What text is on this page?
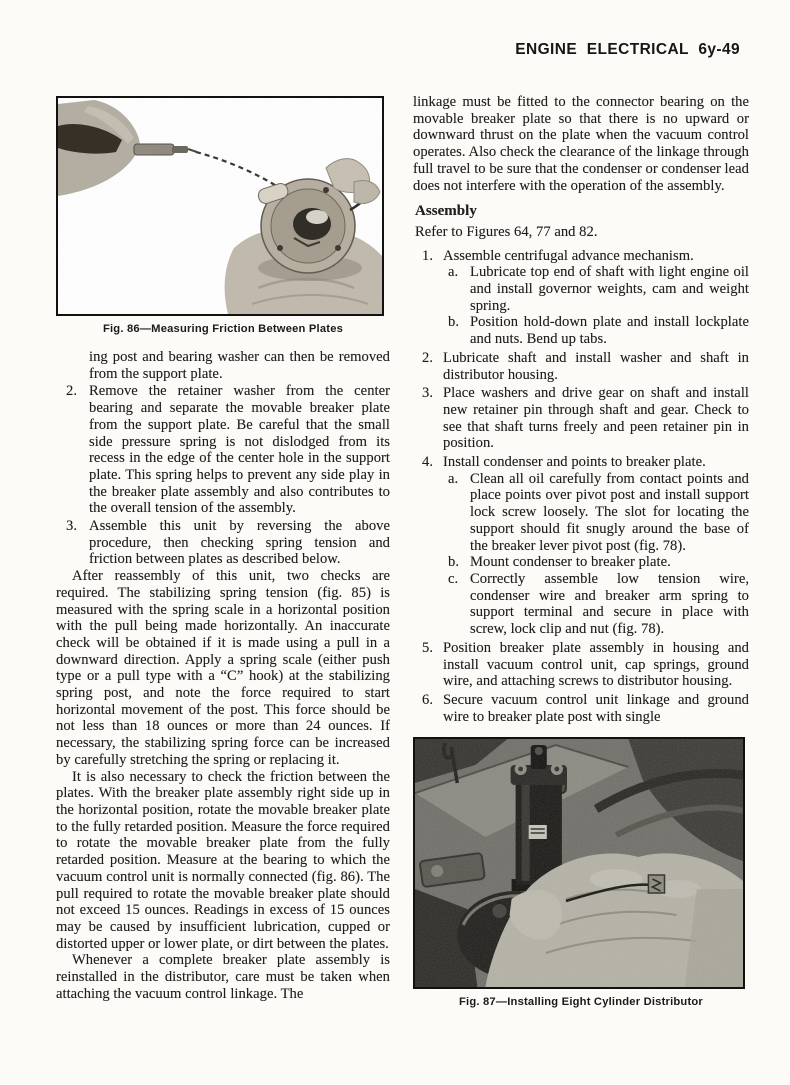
ENGINE ELECTRICAL 6y-49
Fig. 86—Measuring Friction Between Plates

ing post and bearing washer can then be removed from the support plate.

2. Remove the retainer washer from the center bearing and separate the movable breaker plate from the support plate. Be careful that the small side pressure spring is not dislodged from its recess in the edge of the center hole in the support plate. This spring helps to prevent any side play in the breaker plate assembly and also contributes to the overall tension of the assembly.
3. Assemble this unit by reversing the above procedure, then checking spring tension and friction between plates as described below.

After reassembly of this unit, two checks are required. The stabilizing spring tension (fig. 85) is measured with the spring scale in a horizontal position with the pull being made horizontally. An inaccurate check will be obtained if it is made using a pull in a downward direction. Apply a spring scale (either push type or a pull type with a “C” hook) at the stabilizing spring post, and note the force required to start horizontal movement of the post. This force should be not less than 18 ounces or more than 24 ounces. If necessary, the stabilizing spring force can be increased by carefully stretching the spring or replacing it.

It is also necessary to check the friction between the plates. With the breaker plate assembly right side up in the horizontal position, rotate the movable breaker plate to the fully retarded position. Measure the force required to rotate the movable breaker plate from the fully retarded position. Measure at the bearing to which the vacuum control unit is normally connected (fig. 86). The pull required to rotate the movable breaker plate should not exceed 15 ounces. Readings in excess of 15 ounces may be caused by insufficient lubrication, cupped or distorted upper or lower plate, or dirt between the plates.

Whenever a complete breaker plate assembly is reinstalled in the distributor, care must be taken when attaching the vacuum control linkage. The

linkage must be fitted to the connector bearing on the movable breaker plate so that there is no upward or downward thrust on the plate when the vacuum control operates. Also check the clearance of the linkage through full travel to be sure that the condenser or condenser lead does not interfere with the operation of the assembly.

Assembly

Refer to Figures 64, 77 and 82.

1. Assemble centrifugal advance mechanism.
a. Lubricate top end of shaft with light engine oil and install governor weights, cam and weight spring.
b. Position hold-down plate and install lockplate and nuts. Bend up tabs.
2. Lubricate shaft and install washer and shaft in distributor housing.
3. Place washers and drive gear on shaft and install new retainer pin through shaft and gear. Check to see that shaft turns freely and peen retainer pin in position.
4. Install condenser and points to breaker plate.
a. Clean all oil carefully from contact points and place points over pivot post and install support lock screw loosely. The slot for locating the support should fit snugly around the base of the breaker lever pivot post (fig. 78).
b. Mount condenser to breaker plate.
c. Correctly assemble low tension wire, condenser wire and breaker arm spring to support terminal and secure in place with screw, lock clip and nut (fig. 78).
5. Position breaker plate assembly in housing and install vacuum control unit, cap springs, ground wire, and attaching screws to distributor housing.
6. Secure vacuum control unit linkage and ground wire to breaker plate post with single
Fig. 87—Installing Eight Cylinder Distributor
